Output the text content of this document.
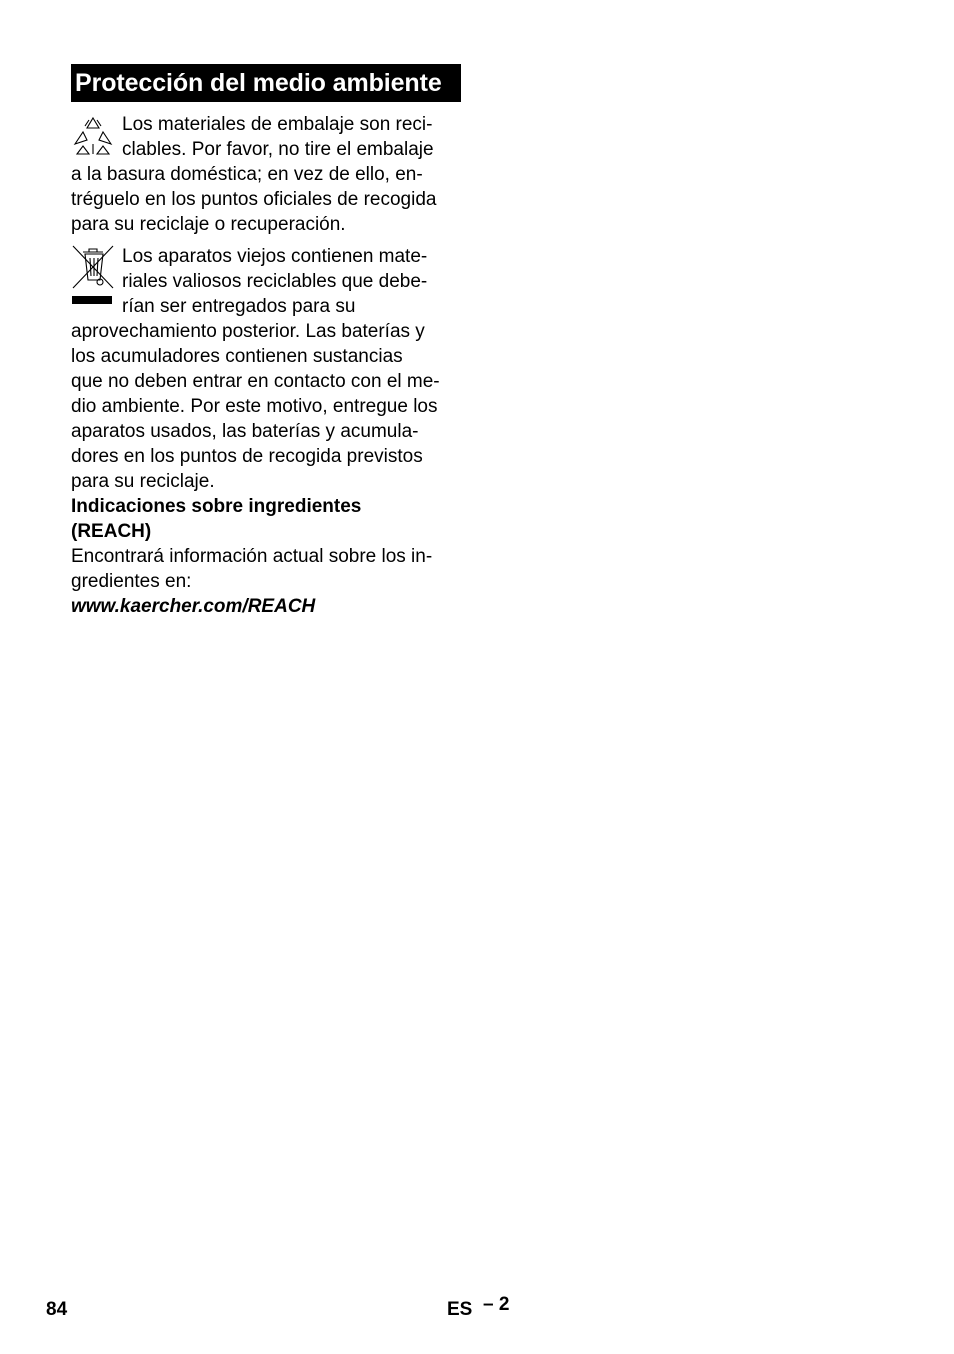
Protección del medio ambiente

Los materiales de embalaje son reci-
clables. Por favor, no tire el embalaje
a la basura doméstica; en vez de ello, en-
tréguelo en los puntos oficiales de recogida
para su reciclaje o recuperación.

Los aparatos viejos contienen mate-
riales valiosos reciclables que debe-
rían ser entregados para su
aprovechamiento posterior. Las baterías y
los acumuladores contienen sustancias
que no deben entrar en contacto con el me-
dio ambiente. Por este motivo, entregue los
aparatos usados, las baterías y acumula-
dores en los puntos de recogida previstos
para su reciclaje.

Indicaciones sobre ingredientes
(REACH)

Encontrará información actual sobre los in-
gredientes en:

www.kaercher.com/REACH

84	ES – 2
